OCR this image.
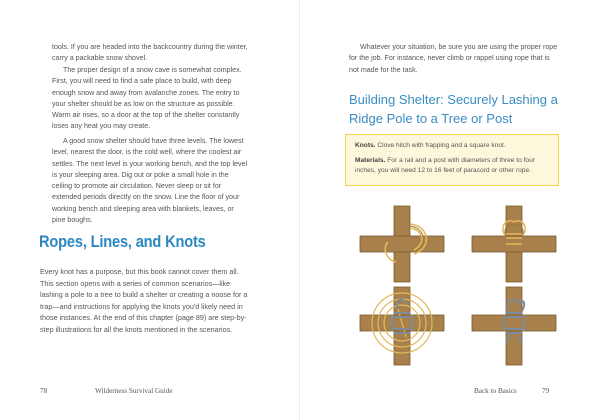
tools. If you are headed into the backcountry during the winter, carry a packable snow shovel.

The proper design of a snow cave is somewhat complex. First, you will need to find a safe place to build, with deep enough snow and away from avalanche zones. The entry to your shelter should be as low on the structure as possible. Warm air rises, so a door at the top of the shelter constantly loses any heat you may create.

A good snow shelter should have three levels. The lowest level, nearest the door, is the cold well, where the coolest air settles. The next level is your working bench, and the top level is your sleeping area. Dig out or poke a small hole in the ceiling to promote air circulation. Never sleep or sit for extended periods directly on the snow. Line the floor of your working bench and sleeping area with blankets, leaves, or pine boughs.

Ropes, Lines, and Knots

Every knot has a purpose, but this book cannot cover them all. This section opens with a series of common scenarios—like lashing a pole to a tree to build a shelter or creating a noose for a trap—and instructions for applying the knots you'd likely need in those instances. At the end of this chapter (page 89) are step-by-step illustrations for all the knots mentioned in the scenarios.

78	Wilderness Survival Guide

Whatever your situation, be sure you are using the proper rope for the job. For instance, never climb or rappel using rope that is not made for the task.

Building Shelter: Securely Lashing a Ridge Pole to a Tree or Post

Knots. Clove hitch with frapping and a square knot.

Materials. For a rail and a post with diameters of three to four inches, you will need 12 to 16 feet of paracord or other rope.

Back to Basics	79
